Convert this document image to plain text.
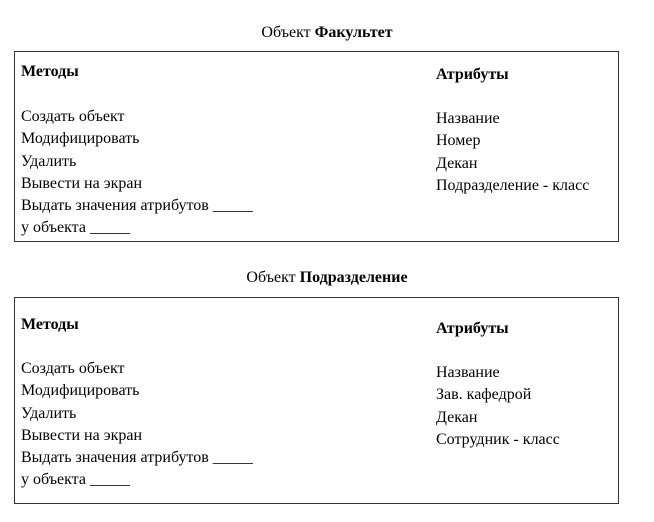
Объект Факультет
Методы
Создать объект
Модифицировать
Удалить
Вывести на экран
Выдать значения атрибутов _____
у объекта _____
Атрибуты
Название
Номер
Декан
Подразделение - класс
Объект Подразделение
Методы
Создать объект
Модифицировать
Удалить
Вывести на экран
Выдать значения атрибутов _____
у объекта _____
Атрибуты
Название
Зав. кафедрой
Декан
Сотрудник - класс
